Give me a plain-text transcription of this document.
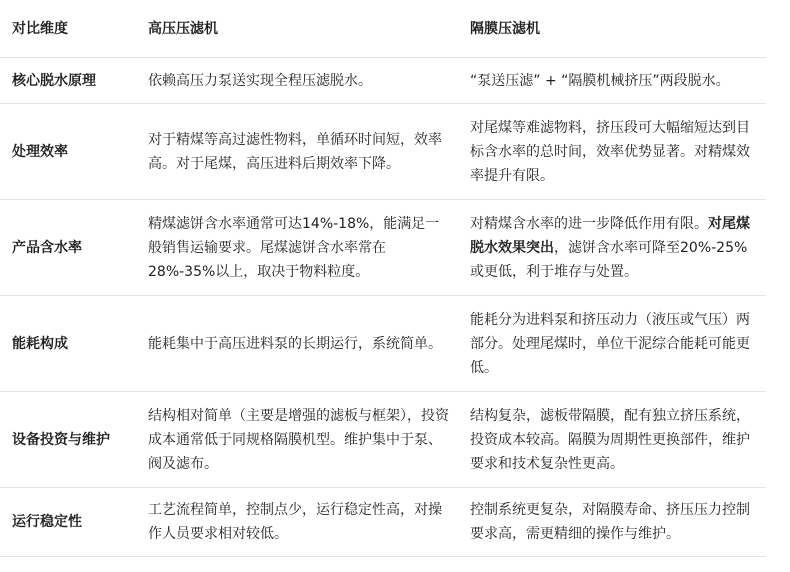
对比维度	高压压滤机	隔膜压滤机
核心脱水原理	依赖高压力泵送实现全程压滤脱水。	“泵送压滤” + “隔膜机械挤压”两段脱水。
处理效率	对于精煤等高过滤性物料，单循环时间短，效率高。对于尾煤，高压进料后期效率下降。	对尾煤等难滤物料，挤压段可大幅缩短达到目标含水率的总时间，效率优势显著。对精煤效率提升有限。
产品含水率	精煤滤饼含水率通常可达14%-18%，能满足一般销售运输要求。尾煤滤饼含水率常在28%-35%以上，取决于物料粒度。	对精煤含水率的进一步降低作用有限。对尾煤脱水效果突出，滤饼含水率可降至20%-25%或更低，利于堆存与处置。
能耗构成	能耗集中于高压进料泵的长期运行，系统简单。	能耗分为进料泵和挤压动力（液压或气压）两部分。处理尾煤时，单位干泥综合能耗可能更低。
设备投资与维护	结构相对简单（主要是增强的滤板与框架），投资成本通常低于同规格隔膜机型。维护集中于泵、阀及滤布。	结构复杂，滤板带隔膜，配有独立挤压系统，投资成本较高。隔膜为周期性更换部件，维护要求和技术复杂性更高。
运行稳定性	工艺流程简单，控制点少，运行稳定性高，对操作人员要求相对较低。	控制系统更复杂，对隔膜寿命、挤压压力控制要求高，需更精细的操作与维护。
